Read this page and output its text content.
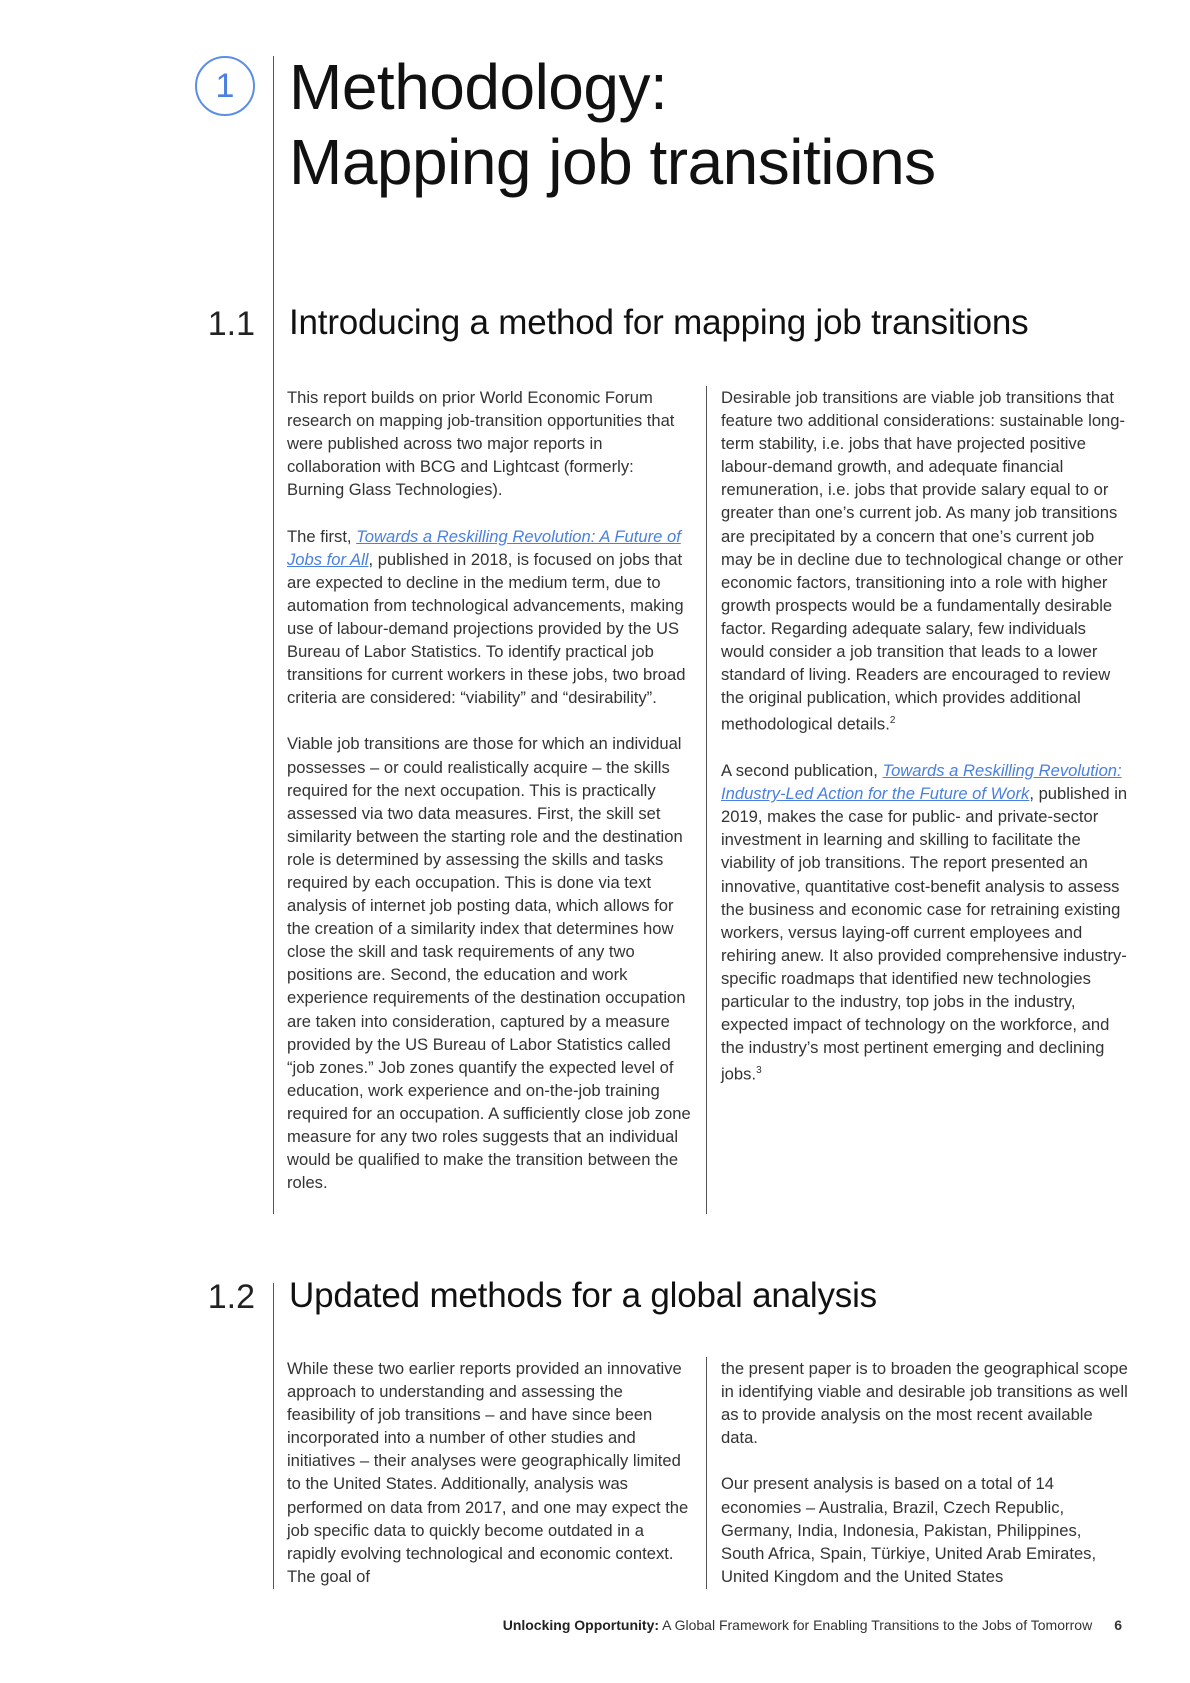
1 Methodology:
Mapping job transitions
1.1 Introducing a method for mapping job transitions

This report builds on prior World Economic Forum research on mapping job-transition opportunities that were published across two major reports in collaboration with BCG and Lightcast (formerly: Burning Glass Technologies).

The first, Towards a Reskilling Revolution: A Future of Jobs for All, published in 2018, is focused on jobs that are expected to decline in the medium term, due to automation from technological advancements, making use of labour-demand projections provided by the US Bureau of Labor Statistics. To identify practical job transitions for current workers in these jobs, two broad criteria are considered: “viability” and “desirability”.

Viable job transitions are those for which an individual possesses – or could realistically acquire – the skills required for the next occupation. This is practically assessed via two data measures. First, the skill set similarity between the starting role and the destination role is determined by assessing the skills and tasks required by each occupation. This is done via text analysis of internet job posting data, which allows for the creation of a similarity index that determines how close the skill and task requirements of any two positions are. Second, the education and work experience requirements of the destination occupation are taken into consideration, captured by a measure provided by the US Bureau of Labor Statistics called “job zones.” Job zones quantify the expected level of education, work experience and on-the-job training required for an occupation. A sufficiently close job zone measure for any two roles suggests that an individual would be qualified to make the transition between the roles.

Desirable job transitions are viable job transitions that feature two additional considerations: sustainable long-term stability, i.e. jobs that have projected positive labour-demand growth, and adequate financial remuneration, i.e. jobs that provide salary equal to or greater than one’s current job. As many job transitions are precipitated by a concern that one’s current job may be in decline due to technological change or other economic factors, transitioning into a role with higher growth prospects would be a fundamentally desirable factor. Regarding adequate salary, few individuals would consider a job transition that leads to a lower standard of living. Readers are encouraged to review the original publication, which provides additional methodological details.$^2$

A second publication, Towards a Reskilling Revolution: Industry-Led Action for the Future of Work, published in 2019, makes the case for public- and private-sector investment in learning and skilling to facilitate the viability of job transitions. The report presented an innovative, quantitative cost-benefit analysis to assess the business and economic case for retraining existing workers, versus laying-off current employees and rehiring anew. It also provided comprehensive industry-specific roadmaps that identified new technologies particular to the industry, top jobs in the industry, expected impact of technology on the workforce, and the industry’s most pertinent emerging and declining jobs.$^3$

1.2 Updated methods for a global analysis

While these two earlier reports provided an innovative approach to understanding and assessing the feasibility of job transitions – and have since been incorporated into a number of other studies and initiatives – their analyses were geographically limited to the United States. Additionally, analysis was performed on data from 2017, and one may expect the job specific data to quickly become outdated in a rapidly evolving technological and economic context. The goal of

the present paper is to broaden the geographical scope in identifying viable and desirable job transitions as well as to provide analysis on the most recent available data.

Our present analysis is based on a total of 14 economies – Australia, Brazil, Czech Republic, Germany, India, Indonesia, Pakistan, Philippines, South Africa, Spain, Türkiye, United Arab Emirates, United Kingdom and the United States

Unlocking Opportunity: A Global Framework for Enabling Transitions to the Jobs of Tomorrow 6
